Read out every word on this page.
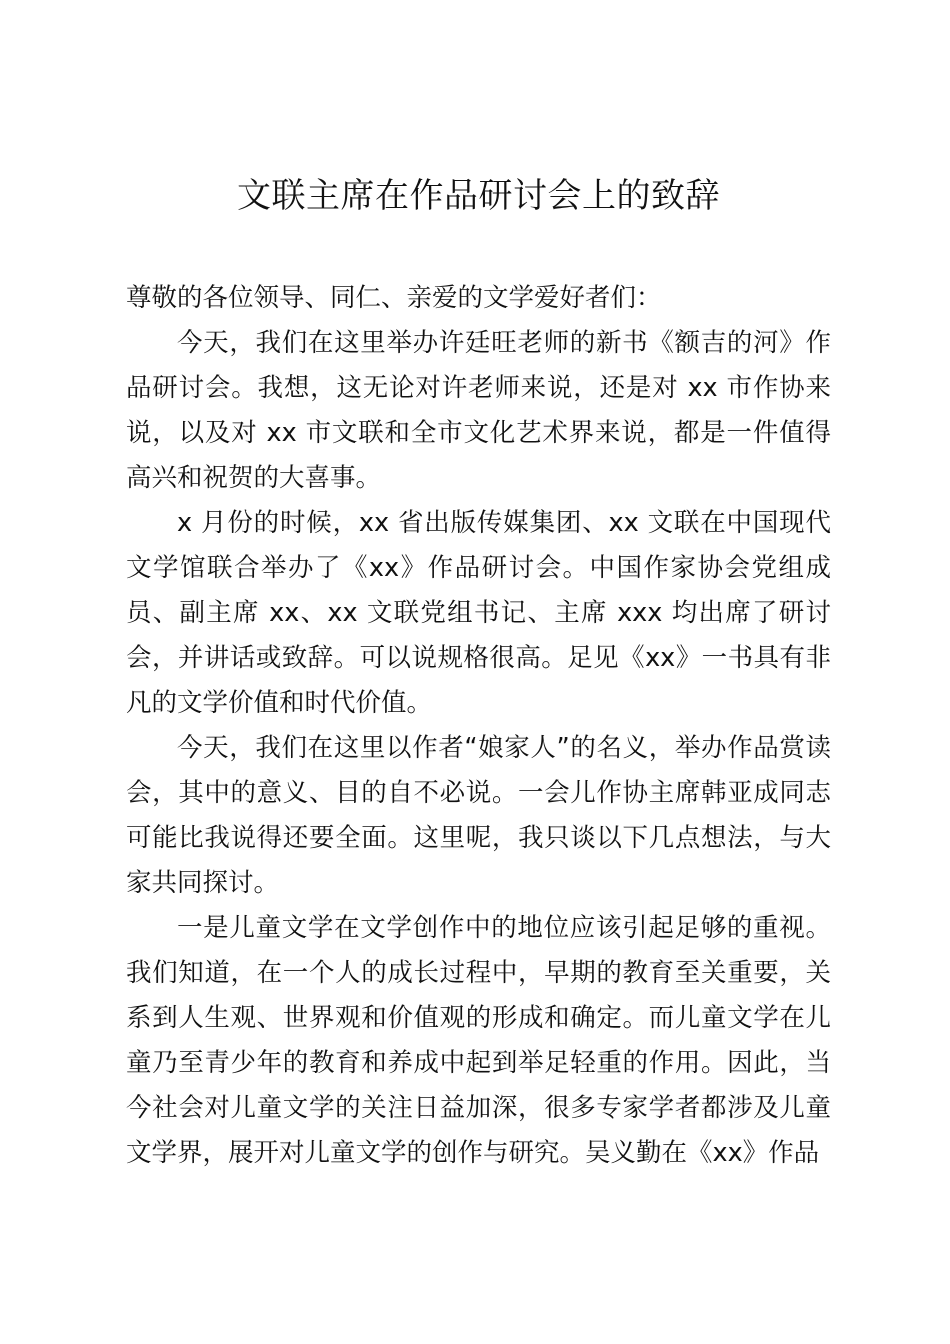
文联主席在作品研讨会上的致辞

尊敬的各位领导、同仁、亲爱的文学爱好者们：

今天，我们在这里举办许廷旺老师的新书《额吉的河》作品研讨会。我想，这无论对许老师来说，还是对 xx 市作协来说，以及对 xx 市文联和全市文化艺术界来说，都是一件值得高兴和祝贺的大喜事。

x 月份的时候，xx 省出版传媒集团、xx 文联在中国现代文学馆联合举办了《xx》作品研讨会。中国作家协会党组成员、副主席 xx、xx 文联党组书记、主席 xxx 均出席了研讨会，并讲话或致辞。可以说规格很高。足见《xx》一书具有非凡的文学价值和时代价值。

今天，我们在这里以作者“娘家人”的名义，举办作品赏读会，其中的意义、目的自不必说。一会儿作协主席韩亚成同志可能比我说得还要全面。这里呢，我只谈以下几点想法，与大家共同探讨。

一是儿童文学在文学创作中的地位应该引起足够的重视。我们知道，在一个人的成长过程中，早期的教育至关重要，关系到人生观、世界观和价值观的形成和确定。而儿童文学在儿童乃至青少年的教育和养成中起到举足轻重的作用。因此，当今社会对儿童文学的关注日益加深，很多专家学者都涉及儿童文学界，展开对儿童文学的创作与研究。吴义勤在《xx》作品
